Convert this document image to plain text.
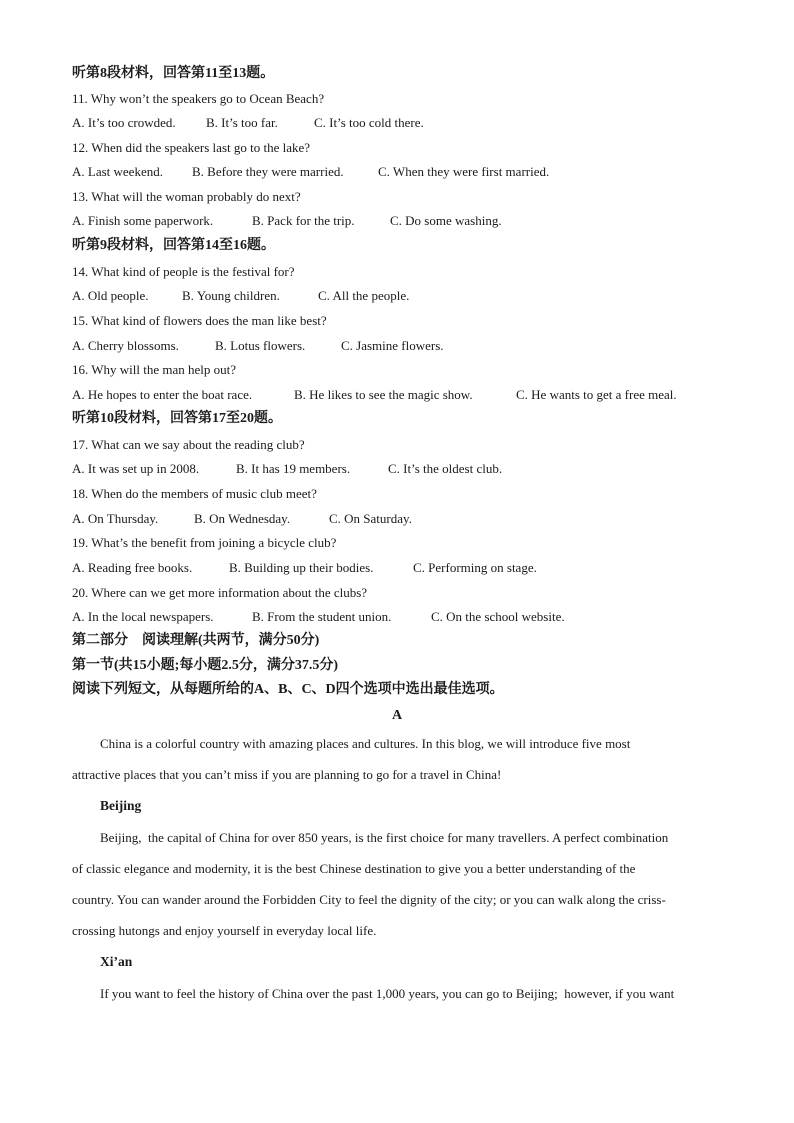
听第8段材料，回答第11至13题。
11. Why won’t the speakers go to Ocean Beach?
A. It’s too crowded. B. It’s too far.	C. It’s too cold there.
12. When did the speakers last go to the lake?
A. Last weekend. B. Before they were married.	C. When they were first married.
13. What will the woman probably do next?
A. Finish some paperwork.	B. Pack for the trip.	C. Do some washing.
听第9段材料，回答第14至16题。
14. What kind of people is the festival for?
A. Old people.	B. Young children.	C. All the people.
15. What kind of flowers does the man like best?
A. Cherry blossoms.	B. Lotus flowers.	C. Jasmine flowers.
16. Why will the man help out?
A. He hopes to enter the boat race.	B. He likes to see the magic show.	C. He wants to get a free meal.
听第10段材料，回答第17至20题。
17. What can we say about the reading club?
A. It was set up in 2008.	B. It has 19 members.	C. It’s the oldest club.
18. When do the members of music club meet?
A. On Thursday.	B. On Wednesday.	C. On Saturday.
19. What’s the benefit from joining a bicycle club?
A. Reading free books.	B. Building up their bodies.	C. Performing on stage.
20. Where can we get more information about the clubs?
A. In the local newspapers.	B. From the student union.	C. On the school website.
第二部分    阅读理解(共两节，满分50分)
第一节(共15小题;每小题2.5分，满分37.5分)
阅读下列短文，从每题所给的A、B、C、D四个选项中选出最佳选项。
A
China is a colorful country with amazing places and cultures. In this blog, we will introduce five most
attractive places that you can’t miss if you are planning to go for a travel in China!
Beijing
Beijing,  the capital of China for over 850 years, is the first choice for many travellers. A perfect combination
of classic elegance and modernity, it is the best Chinese destination to give you a better understanding of the
country. You can wander around the Forbidden City to feel the dignity of the city; or you can walk along the criss-
crossing hutongs and enjoy yourself in everyday local life.
Xi’an
If you want to feel the history of China over the past 1,000 years, you can go to Beijing;  however, if you want
